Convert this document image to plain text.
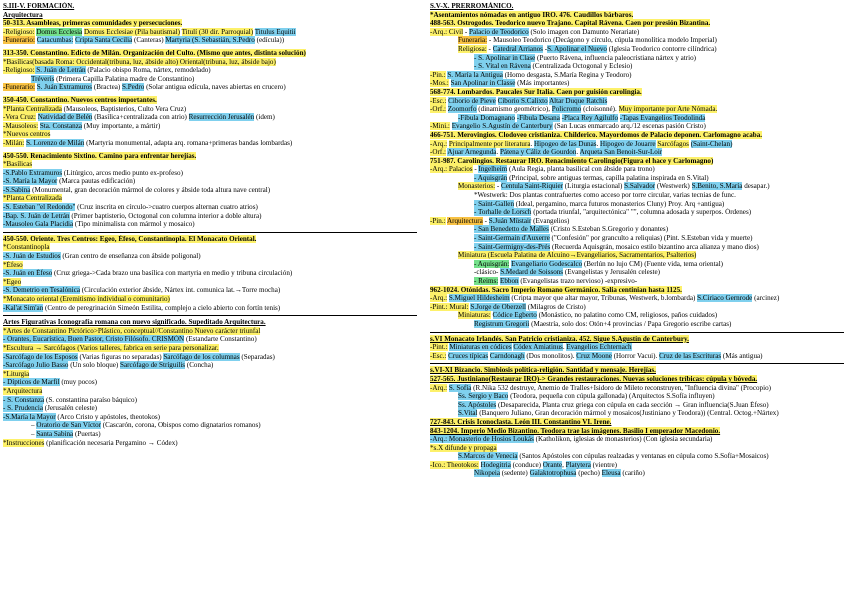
S.III-V. FORMACIÓN.
Arquitectura
50-313. Asambleas, primeras comunidades y persecuciones.
-Religioso: Domus Ecclesia Domus Ecclesiae (Pila bautismal) Titulí (30 dir. Parroquial) Titulus Equitii
-Funerario: Catacumbas: Cripta Santa Cecilia (Canteras) Martyria (S. Sebastián, S.Pedro (edícula))
313-350. Constantino. Edicto de Milán. Organización del Culto. (Mismo que antes, distinta solución)
*Basílicas(basada Roma: Occidental(tribuna, luz, ábside alto) Oriental(tribuna, luz, ábside bajo)
-Religioso: S. Juán de Letrán (Palacio obispo Roma, nártex, remodelado)
Tréveris (Primera Capilla Palatina madre de Constantino)
-Funerario: S. Juán Extramuros (Bractea) S.Pedro (Solar antigua edícula, naves abiertas en crucero)
350-450. Constantino. Nuevos centros importantes.
*Planta Centralizada (Mausoleos, Baptisterios, Culto Vera Cruz)
-Vera Cruz: Natividad de Belén (Basílica+centralizada con atrio) Resurrección Jerusalén (idem)
-Mausoleos: Sta. Constanza (Muy importante, a mártir)
*Nuevos centros
-Milán: S. Lorenzo de Milán (Martyria monumental, adapta arq. romana+primeras bandas lombardas)
450-550. Renacimiento Sixtino. Camino para enfrentar herejías.
*Basílicas
-S.Pablo Extramuros (Litúrgico, arcos medio punto ex-profeso)
-S. María la Mayor (Marca pautas edificación)
-S.Sabina (Monumental, gran decoración mármol de colores y ábside toda altura nave central)
*Planta Centralizada
-S. Esteban "el Redondo" (Cruz inscrita en círculo->cuatro cuerpos alternan cuatro atrios)
-Bap. S. Juán de Letrán (Primer baptisterio, Octogonal con columna interior a doble altura)
-Mausoleo Gala Placidia (Tipo minimalista con mármol y mosaico)
450-550. Oriente. Tres Centros: Egeo, Éfeso, Constantinopla. El Monacato Oriental.
*Constantinopla
-S. Juán de Estudios (Gran centro de enseñanza con ábside poligonal)
*Éfeso
-S. Juán en Éfeso (Cruz griega->Cada brazo una basílica con martyria en medio y tribuna circulación)
*Egeo
-S. Demetrio en Tesalónica (Circulación exterior ábside, Nártex int. comunica lat.→Torre mocha)
*Monacato oriental (Eremitismo individual o comunitario)
-Kal'at Sim'an (Centro de peregrinación Simeón Estilita, complejo a cielo abierto con fortín tenis)
Artes Figurativas Iconografía romana con nuevo significado. Supeditado Arquitectura.
*Artes de Constantino Pictórico>Plástico, conceptual//Constantino Nuevo carácter triunfal
- Orantes, Eucarística, Buen Pastor, Cristo Filósofo. CRISMÓN (Estandarte Constantino)
*Escultura → Sarcófagos (Varios talleres, fabrica en serie para personalizar.
-Sarcófago de los Esposos (Varias figuras no separadas) Sarcófago de los columnas (Separadas)
-Sarcófago Julio Basso (Un solo bloque) Sarcófago de Stríguilis (Concha)
*Liturgia
- Dípticos de Marfil (muy pocos)
*Arquitectura
- S. Constanza (S. constantina paraíso báquico)
- S. Prudencia (Jerusalén celeste)
-S.María la Mayor (Arco Cristo y apóstoles, theotokos)
– Oratorio de San Víctor (Cascarón, corona, Obispos como dignatarios romanos)
– Santa Sabina (Puertas)
*Instrucciones (planificación necesaria Pergamino → Códex)
S.V-X. PRERROMÁNICO.
*Asentamientos nómadas en antiguo IRO. 476. Caudillos bárbaros.
488-563. Ostrogodos. Teodorico nuevo Trajano. Capital Rávena. Caen por presión Bizantina.
-Arq.: Civil - Palacio de Teodorico (Solo imagen con Damunto Nerariate)
Funeraria: - Mausoleo Teodorico (Decágono y círculo, cúpula monolítica modelo Imperial)
Religiosa: - Catedral Arrianos -S. Apolinar el Nuevo (Iglesia Teodorico contorre cilíndrica)
- S. Apolinar in Clase (Puerto Rávena, influencia paleocristiana nártex y atrio)
- S. Vital en Rávena (Centralizada Octogonal y Eclesio)
-Pin.: S. María la Antigua (Homo desgasta, S.María Regina y Teodoro)
-Mos.: San Apolinar in Classe (Más importantes)
568-774. Lombardos. Paucales Sur Italia. Caen por guisión carolingia.
-Esc.: Ciborio de Pieve Ciborio S.Calixto Altar Duque Ratchis
-Orf.: Zoomorfo (dinamismo geométrico), Policromo (cloisonné). Muy importante por Arte Nómada.
-Fíbula Domagnano -Fíbula Desana -Placa Rey Agilulfo -Tapas Evangelios Teodolinda
-Mini.: Evangelio S.Agustín de Canterbury (San Lucas enmarcado arq./12 escenas pasión Cristo)
466-751. Merovingios. Clodoveo cristianiza. Childerico. Mayordomos de Palacio deponen. Carlomagno acaba.
-Arq.: Principalmente por literatura. Hipogeo de las Dunas. Hipogeo de Jouarre Sarcófagos (Saint-Chelan)
-Orf.: Ajuar Arnegunda. Pátena y Cáliz de Gourdon. Arqueta San Benoit-Sur-Loir
751-987. Carolingios. Restaurar IRO. Renacimiento Carolingio(Figura el hace y Carlomagno)
-Arq.: Palacios - Ingelheim (Aula Regia, planta basilical con ábside para trono)
- Aquisgrán (Principal, sobre antiguas termas, capilla palatina inspirada en S.Vital)
Monasterios: - Centula Saint-Riquier (Liturgia estacional) S.Salvador (Westwerk) S.Benito, S.María desapar.)
*Westwerk: Dos plantas contrafuertes como acceso por torre circular, varias tecnias de func.
- Saint-Gallen (Ideal, pergamino, marca futuros monasterios Cluny) Proy. Arq +antigua)
- Torhalle de Lorsch (portada triunfal, "arquitectónica" "", columna adosada y superpos. Órdenes)
-Pin.: Arquitectura - S.Juán Müstair (Evangelios)
- San Benedetto de Malles (Cristo S.Esteban S.Gregorio y donantes)
- Saint-Germain d'Auxerre ("Confesión" por granculto a reliquias) (Pint. S.Esteban vida y muerte)
- Saint-Germigny-des-Prés (Recuerda Aquisgrán, mosaico estilo bizantino arca alianza y mano dios)
Miniatura (Escuela Palatina de Alcuino→Evangeliarios, Sacramentarios, Psalterios)
- Aquisgrán: Evangeliario Godescalco (Berlún no lujo CM) (Fuente vida, tema oriental)
-clásico- S.Medard de Soissons (Evangelistas y Jerusalén celeste)
- Reims: Ebbon (Evangelistas trazo nervioso) -expresivo-
962-1024. Otónidas. Sacro Imperio Romano Germánico. Salia centinian hasta 1125.
-Arq.: S.Miguel Hildesheim (Cripta mayor que altar mayor, Tribunas, Westwerk, b.lombarda) S.Ciriaco Gernrode (arcinez)
-Pint.: Mural: S.Jorge de Oberzell (Milagros de Cristo)
Miniaturas: Códice Egberto (Monástico, no palatino como CM, religiosos, paños cuidados)
Registrum Gregorii (Maestría, solo dos: Otón+4 provincias / Papa Gregorio escribe cartas)
s.VI Monacato Irlandés. San Patricio cristianiza. 452. Sigue S.Agustín de Canterbury.
-Pint.: Miniaturas en códices Códex Amiatinus. Evangelios Echternach
-Esc.: Cruces típicas Carndonagh (Dos monolitos). Cruz Moone (Horror Vacui). Cruz de las Escrituras (Más antigua)
s.VI-XI Bizancio. Simbiosis política-religión. Santidad y mensaje. Herejías.
527-565. Justiniano(Restaurar IRO)-> Grandes restauraciones. Nuevas soluciones tríbicas: cúpula y bóveda.
-Arq.: S. Sofía (R.Nika 532 destruye, Anemio de Tralles+Isidoro de Mileto reconstruyen, "Influencia divina" (Procopio)
Ss. Sergio y Baco (Teodora, pequeña con cúpula gallonada) (Arquitectos S.Sofía influyen)
Ss. Apóstoles (Desaparecida, Planta cruz griega con cúpula en cada sección → Gran influencia(S.Juan Éfeso)
S.Vital (Banquero Juliano, Gran decoración mármol y mosaicos(Justiniano y Teodora)) (Central. Octog.+Nártex)
727-843. Crisis Iconoclasta. León III. Constantino VI. Irene.
843-1204. Imperio Medio Bizantino. Teodora trae las imágenes. Basilio I emperador Macedonio.
-Arq.: Monasterio de Hosios Loukás (Katholikon, iglesias de monasterios) (Con iglesia secundaria)
*s.X difunde y propaga
S.Marcos de Venecia (Santos Apóstoles con cúpulas realzadas y ventanas en cúpula como S.Sofía+Mosaicos)
-Ico.: Theotokos: Hodegitria (conduce) Orante, Platytera (vientre)
Nikopeia (sedente) Galaktotrophusa (pecho) Eleusa (cariño)
